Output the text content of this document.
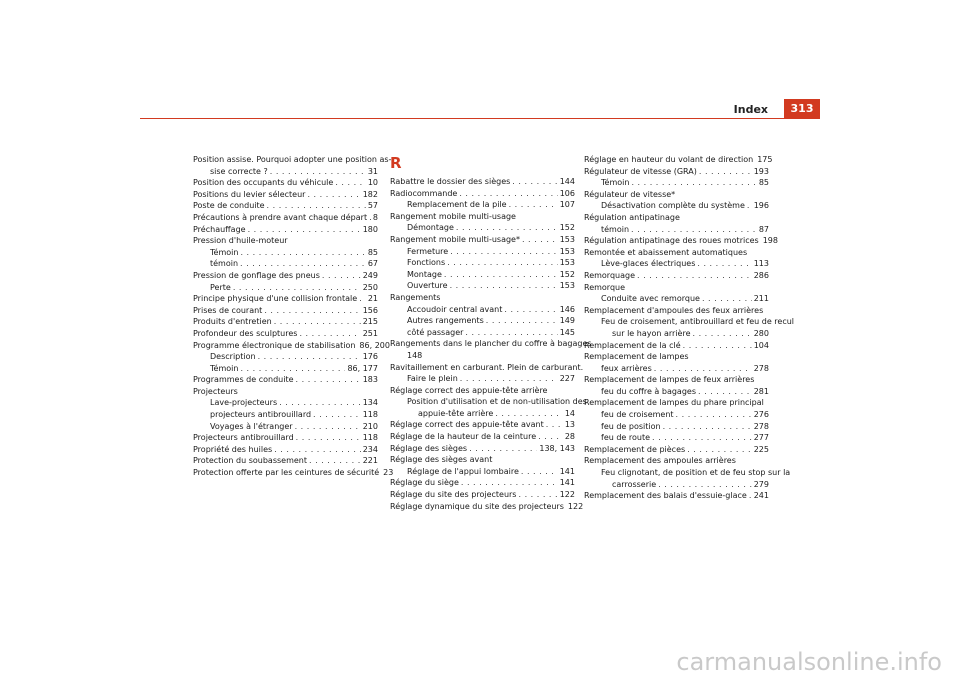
Index	313
Position assise. Pourquoi adopter une position as-
sise correcte ? . . .	31
Position des occupants du véhicule . . .	10
Positions du levier sélecteur . . .	182
Poste de conduite . . .	57
Précautions à prendre avant chaque départ . . . 8
Préchauffage . . .	180
Pression d'huile-moteur
Témoin . . .	85
témoin . . .	67
Pression de gonflage des pneus . . .	249
Perte . . .	250
Principe physique d'une collision frontale . . . 21
Prises de courant . . .	156
Produits d'entretien . . .	215
Profondeur des sculptures . . .	251
Programme électronique de stabilisation 86, 200
Description . . .	176
Témoin . . .	86, 177
Programmes de conduite . . .	183
Projecteurs
Lave-projecteurs . . .	134
projecteurs antibrouillard . . .	118
Voyages à l'étranger . . .	210
Projecteurs antibrouillard . . .	118
Propriété des huiles . . .	234
Protection du soubassement . . .	221
Protection offerte par les ceintures de sécurité 23
R
Rabattre le dossier des sièges . . .	144
Radiocommande . . .	106
Remplacement de la pile . . .	107
Rangement mobile multi-usage
Démontage . . .	152
Rangement mobile multi-usage* . . .	153
Fermeture . . .	153
Fonctions . . .	153
Montage . . .	152
Ouverture . . .	153
Rangements
Accoudoir central avant . . .	146
Autres rangements . . .	149
côté passager . . .	145
Rangements dans le plancher du coffre à bagages
148
Ravitaillement en carburant. Plein de carburant.
Faire le plein . . .	227
Réglage correct des appuie-tête arrière
Position d'utilisation et de non-utilisation des
appuie-tête arrière . . .	14
Réglage correct des appuie-tête avant . . .	13
Réglage de la hauteur de la ceinture . . .	28
Réglage des sièges . . .	138, 143
Réglage des sièges avant
Réglage de l'appui lombaire . . .	141
Réglage du siège . . .	141
Réglage du site des projecteurs . . .	122
Réglage dynamique du site des projecteurs 122
Réglage en hauteur du volant de direction 175
Régulateur de vitesse (GRA) . . .	193
Témoin . . .	85
Régulateur de vitesse*
Désactivation complète du système . . . 196
Régulation antipatinage
témoin . . .	87
Régulation antipatinage des roues motrices 198
Remontée et abaissement automatiques
Lève-glaces électriques . . .	113
Remorquage . . .	286
Remorque
Conduite avec remorque . . .	211
Remplacement d'ampoules des feux arrières
Feu de croisement, antibrouillard et feu de recul
sur le hayon arrière . . .	280
Remplacement de la clé . . .	104
Remplacement de lampes
feux arrières . . .	278
Remplacement de lampes de feux arrières
feu du coffre à bagages . . .	281
Remplacement de lampes du phare principal
feu de croisement . . .	276
feu de position . . .	278
feu de route . . .	277
Remplacement de pièces . . .	225
Remplacement des ampoules arrières
Feu clignotant, de position et de feu stop sur la
carrosserie . . .	279
Remplacement des balais d'essuie-glace . . . 241
carmanualsonline.info
